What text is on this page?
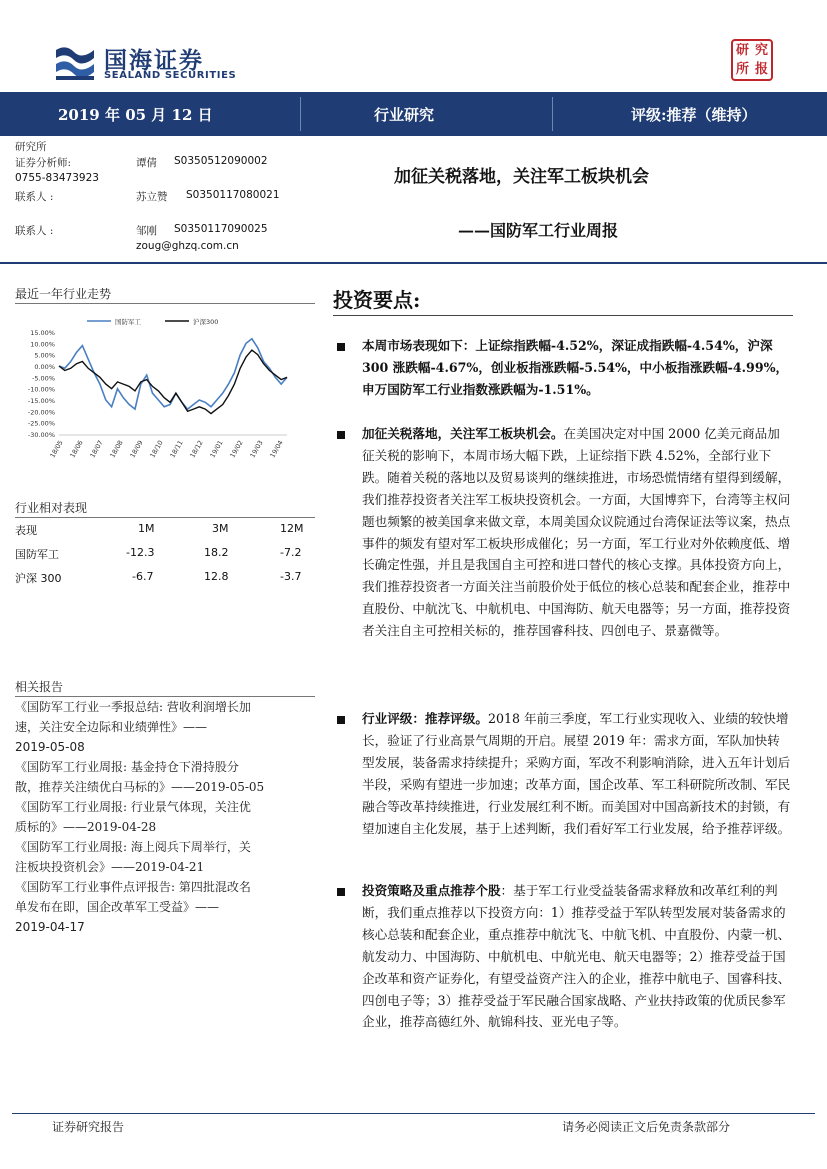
国海证券
SEALAND SECURITIES
研 究
所 报
2019 年 05 月 12 日	行业研究	评级:推荐（维持）
研究所
证券分析师:	谭倩 S0350512090002
0755-83473923
联系人 :	苏立赞 S0350117080021
联系人 :	邹刚 S0350117090025
zoug@ghzq.com.cn
加征关税落地，关注军工板块机会
——国防军工行业周报
最近一年行业走势
15.00%
10.00%
5.00%
0.00%
-5.00%
-10.00%
-15.00%
-20.00%
-25.00%
-30.00%
18/05 18/06 18/07 18/08 18/09 18/10 18/11 18/12 19/01 19/02 19/03 19/04
国防军工	沪深300
行业相对表现
表现	1M	3M	12M
国防军工	-12.3	18.2	-7.2
沪深 300	-6.7	12.8	-3.7
相关报告
《国防军工行业一季报总结: 营收利润增长加
速，关注安全边际和业绩弹性》——
2019-05-08
《国防军工行业周报: 基金持仓下滑持股分
散，推荐关注绩优白马标的》——2019-05-05
《国防军工行业周报: 行业景气体现，关注优
质标的》——2019-04-28
《国防军工行业周报: 海上阅兵下周举行，关
注板块投资机会》——2019-04-21
《国防军工行业事件点评报告: 第四批混改名
单发布在即，国企改革军工受益》——
2019-04-17
投资要点:
本周市场表现如下：上证综指跌幅-4.52%，深证成指跌幅-4.54%，沪深 300 涨跌幅-4.67%，创业板指涨跌幅-5.54%，中小板指涨跌幅-4.99%，申万国防军工行业指数涨跌幅为-1.51%。
加征关税落地，关注军工板块机会。在美国决定对中国 2000 亿美元商品加征关税的影响下，本周市场大幅下跌，上证综指下跌 4.52%，全部行业下跌。随着关税的落地以及贸易谈判的继续推进，市场恐慌情绪有望得到缓解，我们推荐投资者关注军工板块投资机会。一方面，大国博弈下，台湾等主权问题也频繁的被美国拿来做文章，本周美国众议院通过台湾保证法等议案，热点事件的频发有望对军工板块形成催化；另一方面，军工行业对外依赖度低、增长确定性强，并且是我国自主可控和进口替代的核心支撑。具体投资方向上，我们推荐投资者一方面关注当前股价处于低位的核心总装和配套企业，推荐中直股份、中航沈飞、中航机电、中国海防、航天电器等；另一方面，推荐投资者关注自主可控相关标的，推荐国睿科技、四创电子、景嘉微等。
行业评级：推荐评级。2018 年前三季度，军工行业实现收入、业绩的较快增长，验证了行业高景气周期的开启。展望 2019 年：需求方面，军队加快转型发展，装备需求持续提升；采购方面，军改不利影响消除，进入五年计划后半段，采购有望进一步加速；改革方面，国企改革、军工科研院所改制、军民融合等改革持续推进，行业发展红利不断。而美国对中国高新技术的封锁，有望加速自主化发展，基于上述判断，我们看好军工行业发展，给予推荐评级。
投资策略及重点推荐个股：基于军工行业受益装备需求释放和改革红利的判断，我们重点推荐以下投资方向：1）推荐受益于军队转型发展对装备需求的核心总装和配套企业，重点推荐中航沈飞、中航飞机、中直股份、内蒙一机、航发动力、中国海防、中航机电、中航光电、航天电器等；2）推荐受益于国企改革和资产证券化，有望受益资产注入的企业，推荐中航电子、国睿科技、四创电子等；3）推荐受益于军民融合国家战略、产业扶持政策的优质民参军企业，推荐高德红外、航锦科技、亚光电子等。
证券研究报告	请务必阅读正文后免责条款部分
